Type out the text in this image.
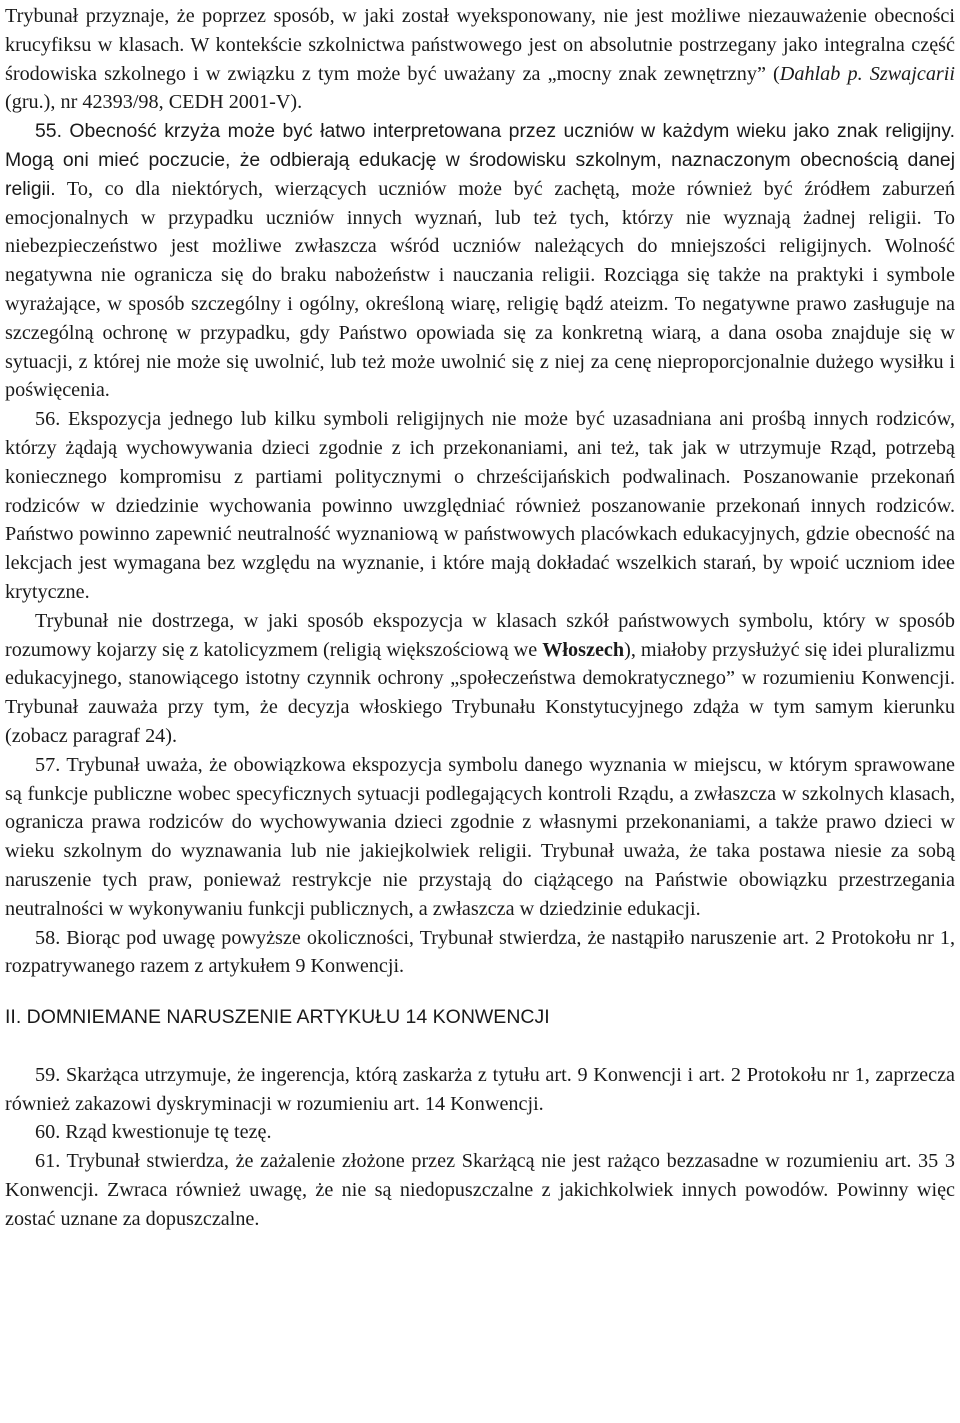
Trybunał przyznaje, że poprzez sposób, w jaki został wyeksponowany, nie jest możliwe niezauważenie obecności krucyfiksu w klasach. W kontekście szkolnictwa państwowego jest on absolutnie postrzegany jako integralna część środowiska szkolnego i w związku z tym może być uważany za „mocny znak zewnętrzny” (Dahlab p. Szwajcarii (gru.), nr 42393/98, CEDH 2001-V).

55. Obecność krzyża może być łatwo interpretowana przez uczniów w każdym wieku jako znak religijny. Mogą oni mieć poczucie, że odbierają edukację w środowisku szkolnym, naznaczonym obecnością danej religii. To, co dla niektórych, wierzących uczniów może być zachętą, może również być źródłem zaburzeń emocjonalnych w przypadku uczniów innych wyznań, lub też tych, którzy nie wyznają żadnej religii. To niebezpieczeństwo jest możliwe zwłaszcza wśród uczniów należących do mniejszości religijnych. Wolność negatywna nie ogranicza się do braku nabożeństw i nauczania religii. Rozciąga się także na praktyki i symbole wyrażające, w sposób szczególny i ogólny, określoną wiarę, religię bądź ateizm. To negatywne prawo zasługuje na szczególną ochronę w przypadku, gdy Państwo opowiada się za konkretną wiarą, a dana osoba znajduje się w sytuacji, z której nie może się uwolnić, lub też może uwolnić się z niej za cenę nieproporcjonalnie dużego wysiłku i poświęcenia.

56. Ekspozycja jednego lub kilku symboli religijnych nie może być uzasadniana ani prośbą innych rodziców, którzy żądają wychowywania dzieci zgodnie z ich przekonaniami, ani też, tak jak w utrzymuje Rząd, potrzebą koniecznego kompromisu z partiami politycznymi o chrześcijańskich podwalinach. Poszanowanie przekonań rodziców w dziedzinie wychowania powinno uwzględniać również poszanowanie przekonań innych rodziców. Państwo powinno zapewnić neutralność wyznaniową w państwowych placówkach edukacyjnych, gdzie obecność na lekcjach jest wymagana bez względu na wyznanie, i które mają dokładać wszelkich starań, by wpoić uczniom idee krytyczne.

Trybunał nie dostrzega, w jaki sposób ekspozycja w klasach szkół państwowych symbolu, który w sposób rozumowy kojarzy się z katolicyzmem (religią większościową we Włoszech), miałoby przysłużyć się idei pluralizmu edukacyjnego, stanowiącego istotny czynnik ochrony „społeczeństwa demokratycznego” w rozumieniu Konwencji. Trybunał zauważa przy tym, że decyzja włoskiego Trybunału Konstytucyjnego zdąża w tym samym kierunku (zobacz paragraf 24).

57. Trybunał uważa, że obowiązkowa ekspozycja symbolu danego wyznania w miejscu, w którym sprawowane są funkcje publiczne wobec specyficznych sytuacji podlegających kontroli Rządu, a zwłaszcza w szkolnych klasach, ogranicza prawa rodziców do wychowywania dzieci zgodnie z własnymi przekonaniami, a także prawo dzieci w wieku szkolnym do wyznawania lub nie jakiejkolwiek religii. Trybunał uważa, że taka postawa niesie za sobą naruszenie tych praw, ponieważ restrykcje nie przystają do ciążącego na Państwie obowiązku przestrzegania neutralności w wykonywaniu funkcji publicznych, a zwłaszcza w dziedzinie edukacji.

58. Biorąc pod uwagę powyższe okoliczności, Trybunał stwierdza, że nastąpiło naruszenie art. 2 Protokołu nr 1, rozpatrywanego razem z artykułem 9 Konwencji.

II. DOMNIEMANE NARUSZENIE ARTYKUŁU 14 KONWENCJI

59. Skarżąca utrzymuje, że ingerencja, którą zaskarża z tytułu art. 9 Konwencji i art. 2 Protokołu nr 1, zaprzecza również zakazowi dyskryminacji w rozumieniu art. 14 Konwencji.

60. Rząd kwestionuje tę tezę.

61. Trybunał stwierdza, że zażalenie złożone przez Skarżącą nie jest rażąco bezzasadne w rozumieniu art. 35 3 Konwencji. Zwraca również uwagę, że nie są niedopuszczalne z jakichkolwiek innych powodów. Powinny więc zostać uznane za dopuszczalne.
